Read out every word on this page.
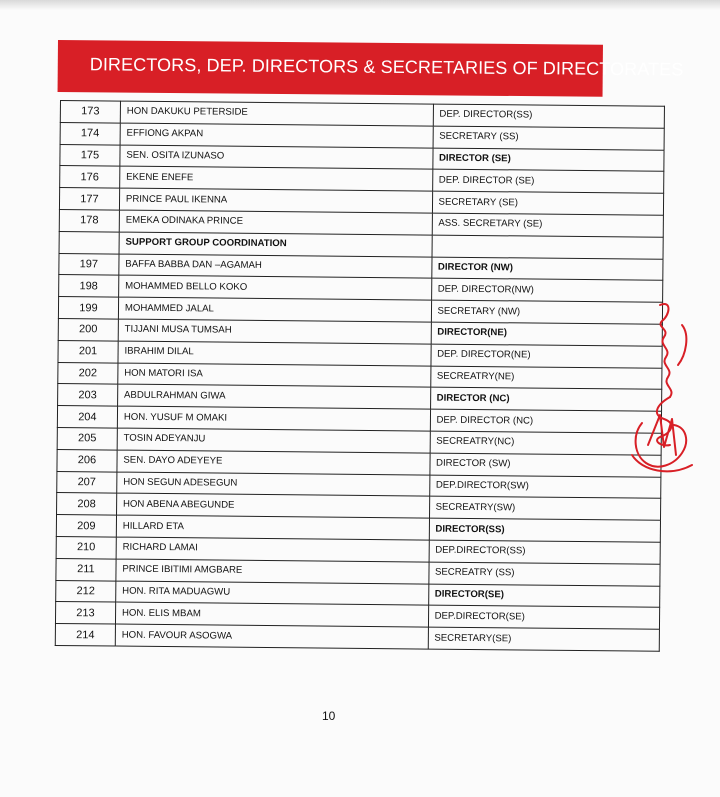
DIRECTORS, DEP. DIRECTORS & SECRETARIES OF DIRECTORATES
173	HON DAKUKU PETERSIDE	DEP. DIRECTOR(SS)
174	EFFIONG AKPAN	SECRETARY (SS)
175	SEN. OSITA IZUNASO	DIRECTOR (SE)
176	EKENE ENEFE	DEP. DIRECTOR (SE)
177	PRINCE PAUL IKENNA	SECRETARY (SE)
178	EMEKA ODINAKA PRINCE	ASS. SECRETARY (SE)
	SUPPORT GROUP COORDINATION	
197	BAFFA BABBA DAN –AGAMAH	DIRECTOR (NW)
198	MOHAMMED BELLO KOKO	DEP. DIRECTOR(NW)
199	MOHAMMED JALAL	SECRETARY (NW)
200	TIJJANI MUSA TUMSAH	DIRECTOR(NE)
201	IBRAHIM DILAL	DEP. DIRECTOR(NE)
202	HON MATORI ISA	SECREATRY(NE)
203	ABDULRAHMAN GIWA	DIRECTOR (NC)
204	HON. YUSUF M OMAKI	DEP. DIRECTOR (NC)
205	TOSIN ADEYANJU	SECREATRY(NC)
206	SEN. DAYO ADEYEYE	DIRECTOR (SW)
207	HON SEGUN ADESEGUN	DEP.DIRECTOR(SW)
208	HON ABENA ABEGUNDE	SECREATRY(SW)
209	HILLARD ETA	DIRECTOR(SS)
210	RICHARD LAMAI	DEP.DIRECTOR(SS)
211	PRINCE IBITIMI AMGBARE	SECREATRY (SS)
212	HON. RITA MADUAGWU	DIRECTOR(SE)
213	HON. ELIS MBAM	DEP.DIRECTOR(SE)
214	HON. FAVOUR ASOGWA	SECRETARY(SE)
10
